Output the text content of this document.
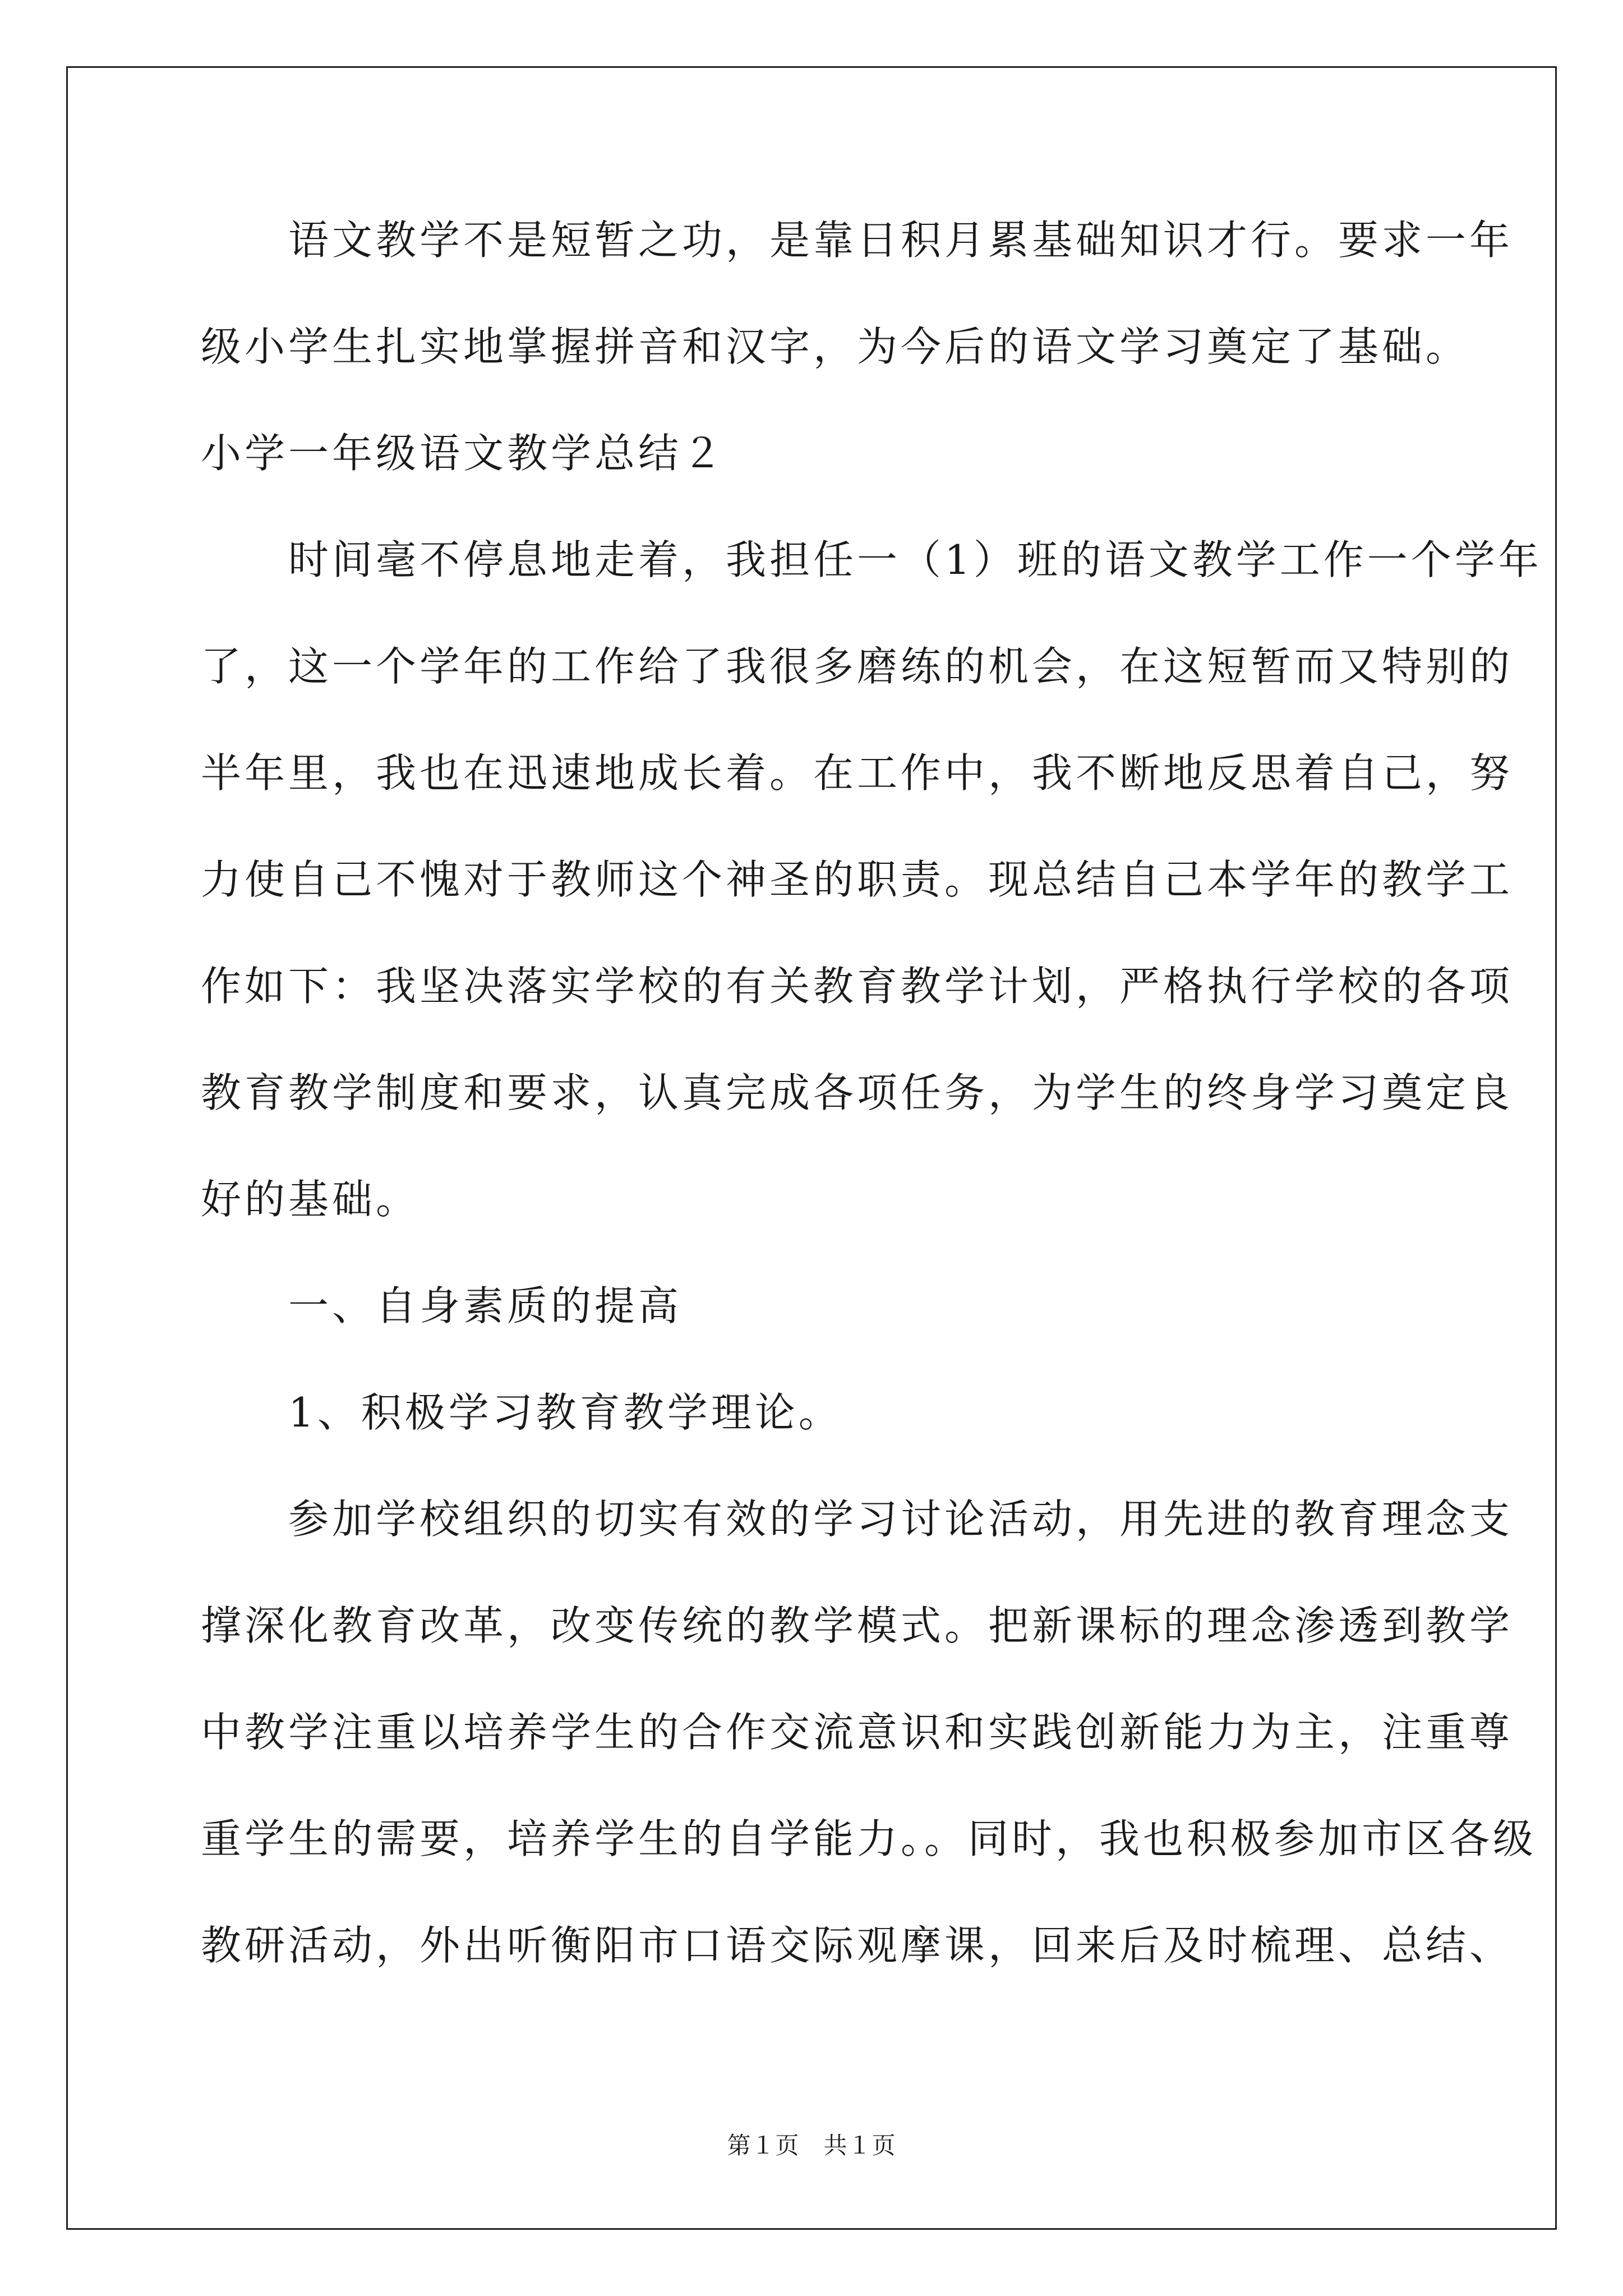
　　语文教学不是短暂之功，是靠日积月累基础知识才行。要求一年
级小学生扎实地掌握拼音和汉字，为今后的语文学习奠定了基础。
小学一年级语文教学总结２
　　时间毫不停息地走着，我担任一（1）班的语文教学工作一个学年
了，这一个学年的工作给了我很多磨练的机会，在这短暂而又特别的
半年里，我也在迅速地成长着。在工作中，我不断地反思着自己，努
力使自己不愧对于教师这个神圣的职责。现总结自己本学年的教学工
作如下：我坚决落实学校的有关教育教学计划，严格执行学校的各项
教育教学制度和要求，认真完成各项任务，为学生的终身学习奠定良
好的基础。
　　一、自身素质的提高
　　1、积极学习教育教学理论。
　　参加学校组织的切实有效的学习讨论活动，用先进的教育理念支
撑深化教育改革，改变传统的教学模式。把新课标的理念渗透到教学
中教学注重以培养学生的合作交流意识和实践创新能力为主，注重尊
重学生的需要，培养学生的自学能力。。同时，我也积极参加市区各级
教研活动，外出听衡阳市口语交际观摩课，回来后及时梳理、总结、
第１页　共１页
